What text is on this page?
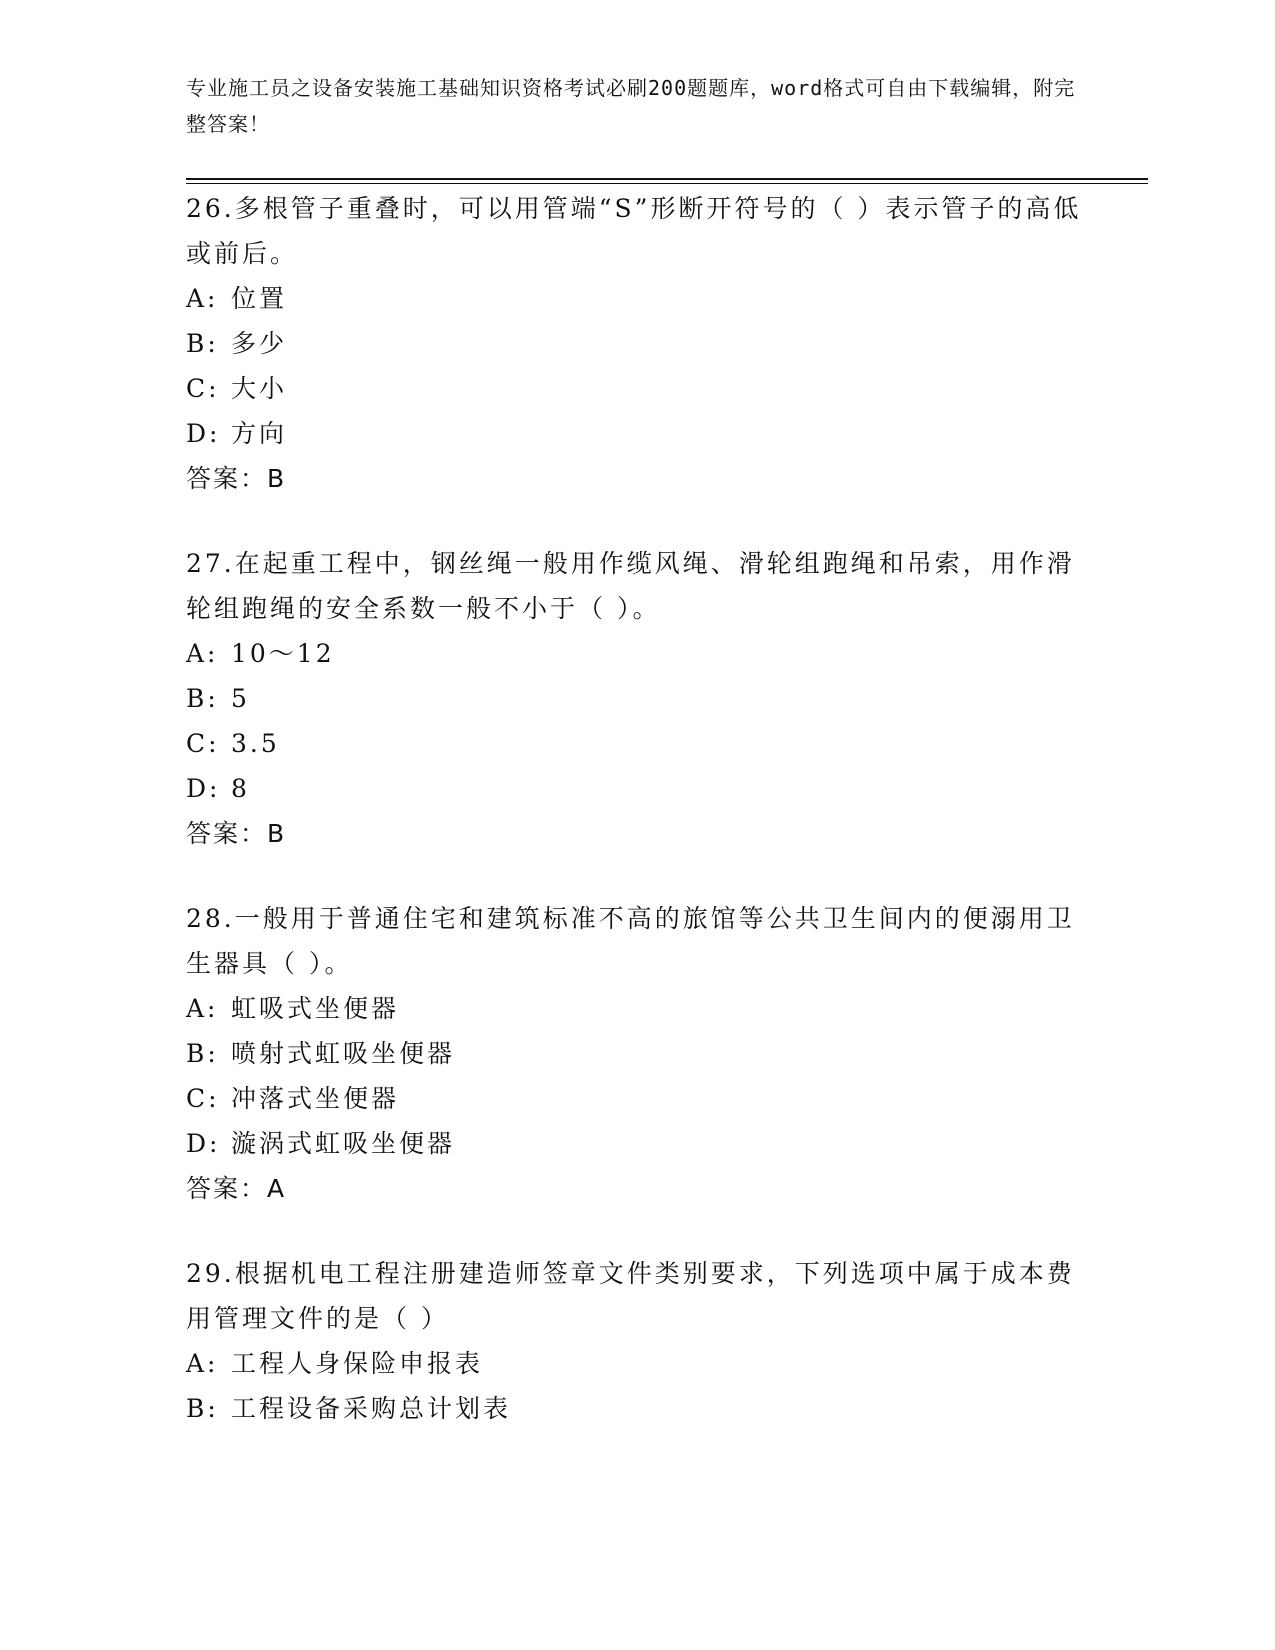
专业施工员之设备安装施工基础知识资格考试必刷200题题库，word格式可自由下载编辑，附完整答案！

26.多根管子重叠时，可以用管端“S”形断开符号的（ ）表示管子的高低或前后。

A: 位置
B: 多少
C: 大小
D: 方向
答案：B

27.在起重工程中，钢丝绳一般用作缆风绳、滑轮组跑绳和吊索，用作滑轮组跑绳的安全系数一般不小于（ ）。

A: 10～12
B: 5
C: 3.5
D: 8
答案：B

28.一般用于普通住宅和建筑标准不高的旅馆等公共卫生间内的便溺用卫生器具（ ）。

A: 虹吸式坐便器
B: 喷射式虹吸坐便器
C: 冲落式坐便器
D: 漩涡式虹吸坐便器
答案：A

29.根据机电工程注册建造师签章文件类别要求，下列选项中属于成本费用管理文件的是（ ）

A: 工程人身保险申报表
B: 工程设备采购总计划表
